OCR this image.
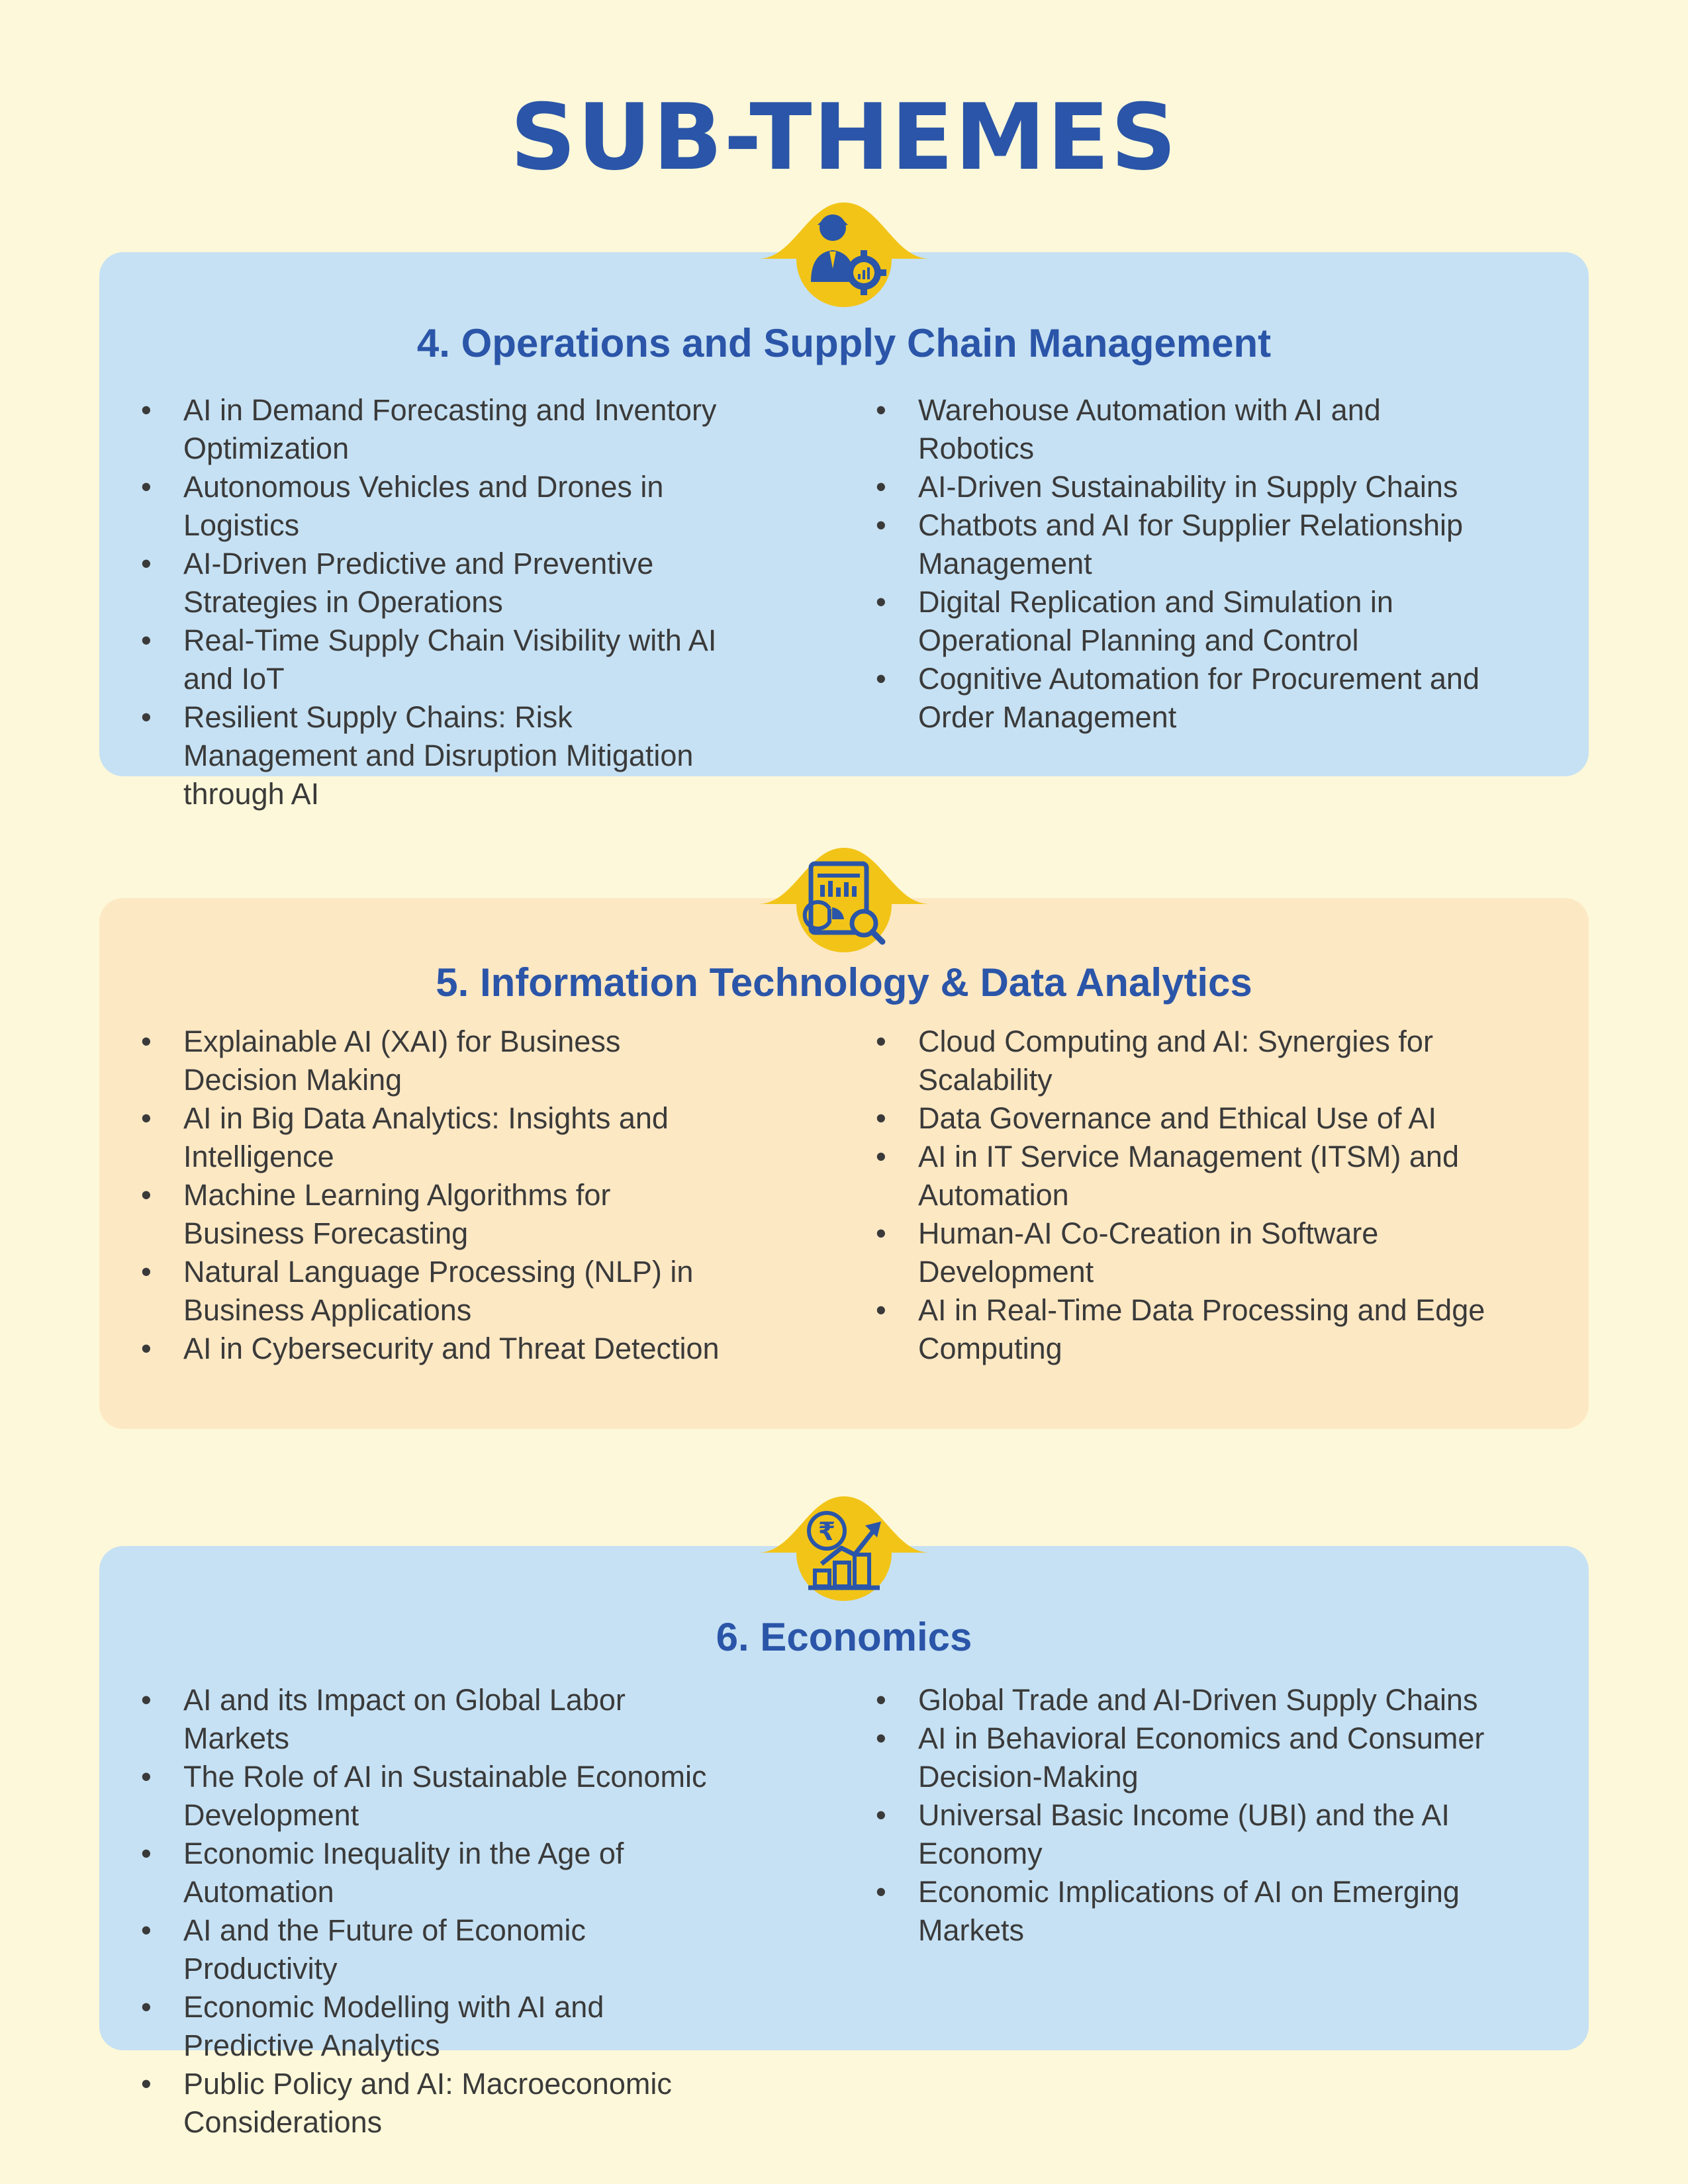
SUB-THEMES
4. Operations and Supply Chain Management
• AI in Demand Forecasting and Inventory Optimization
• Autonomous Vehicles and Drones in Logistics
• AI-Driven Predictive and Preventive Strategies in Operations
• Real-Time Supply Chain Visibility with AI and IoT
• Resilient Supply Chains: Risk Management and Disruption Mitigation through AI
• Warehouse Automation with AI and Robotics
• AI-Driven Sustainability in Supply Chains
• Chatbots and AI for Supplier Relationship Management
• Digital Replication and Simulation in Operational Planning and Control
• Cognitive Automation for Procurement and Order Management
5. Information Technology & Data Analytics
• Explainable AI (XAI) for Business Decision Making
• AI in Big Data Analytics: Insights and Intelligence
• Machine Learning Algorithms for Business Forecasting
• Natural Language Processing (NLP) in Business Applications
• AI in Cybersecurity and Threat Detection
• Cloud Computing and AI: Synergies for Scalability
• Data Governance and Ethical Use of AI
• AI in IT Service Management (ITSM) and Automation
• Human-AI Co-Creation in Software Development
• AI in Real-Time Data Processing and Edge Computing
6. Economics
• AI and its Impact on Global Labor Markets
• The Role of AI in Sustainable Economic Development
• Economic Inequality in the Age of Automation
• AI and the Future of Economic Productivity
• Economic Modelling with AI and Predictive Analytics
• Public Policy and AI: Macroeconomic Considerations
• Global Trade and AI-Driven Supply Chains
• AI in Behavioral Economics and Consumer Decision-Making
• Universal Basic Income (UBI) and the AI Economy
• Economic Implications of AI on Emerging Markets
₹
